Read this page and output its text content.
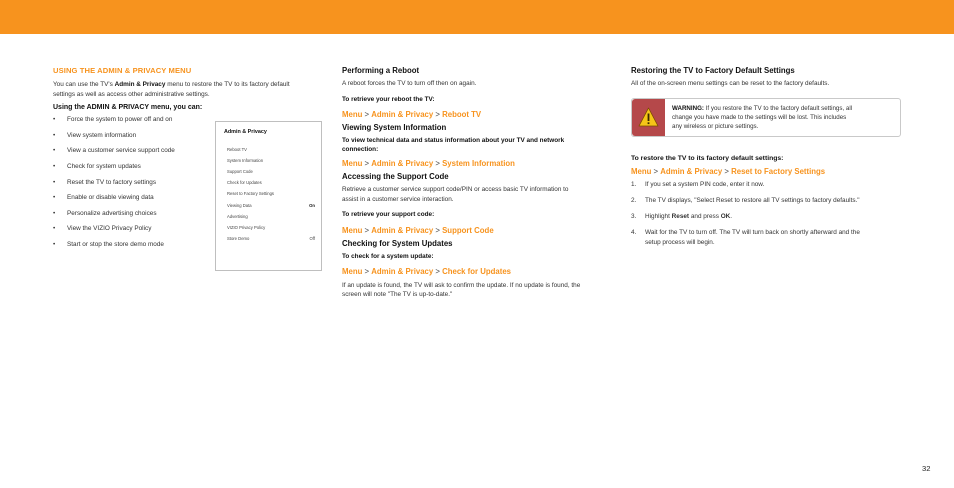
USING THE ADMIN & PRIVACY MENU
You can use the TV's Admin & Privacy menu to restore the TV to its factory default
settings as well as access other administrative settings.
Using the ADMIN & PRIVACY menu, you can:
• Force the system to power off and on
• View system information
• View a customer service support code
• Check for system updates
• Reset the TV to factory settings
• Enable or disable viewing data
• Personalize advertising choices
• View the VIZIO Privacy Policy
• Start or stop the store demo mode
Admin & Privacy
Reboot TV
System Information
Support Code
Check for Updates
Reset to Factory Settings
Viewing Data	On
Advertising
VIZIO Privacy Policy
Store Demo	Off
Performing a Reboot
A reboot forces the TV to turn off then on again.
To retrieve your reboot the TV:
Menu > Admin & Privacy > Reboot TV
Viewing System Information
To view technical data and status information about your TV and network
connection:
Menu > Admin & Privacy > System Information
Accessing the Support Code
Retrieve a customer service support code/PIN or access basic TV information to
assist in a customer service interaction.
To retrieve your support code:
Menu > Admin & Privacy > Support Code
Checking for System Updates
To check for a system update:
Menu > Admin & Privacy > Check for Updates
If an update is found, the TV will ask to confirm the update. If no update is found, the
screen will note "The TV is up-to-date."
Restoring the TV to Factory Default Settings
All of the on-screen menu settings can be reset to the factory defaults.
WARNING: If you restore the TV to the factory default settings, all
change you have made to the settings will be lost. This includes
any wireless or picture settings.
To restore the TV to its factory default settings:
Menu > Admin & Privacy > Reset to Factory Settings
1. If you set a system PIN code, enter it now.
2. The TV displays, "Select Reset to restore all TV settings to factory defaults."
3. Highlight Reset and press OK.
4. Wait for the TV to turn off. The TV will turn back on shortly afterward and the
setup process will begin.
32
